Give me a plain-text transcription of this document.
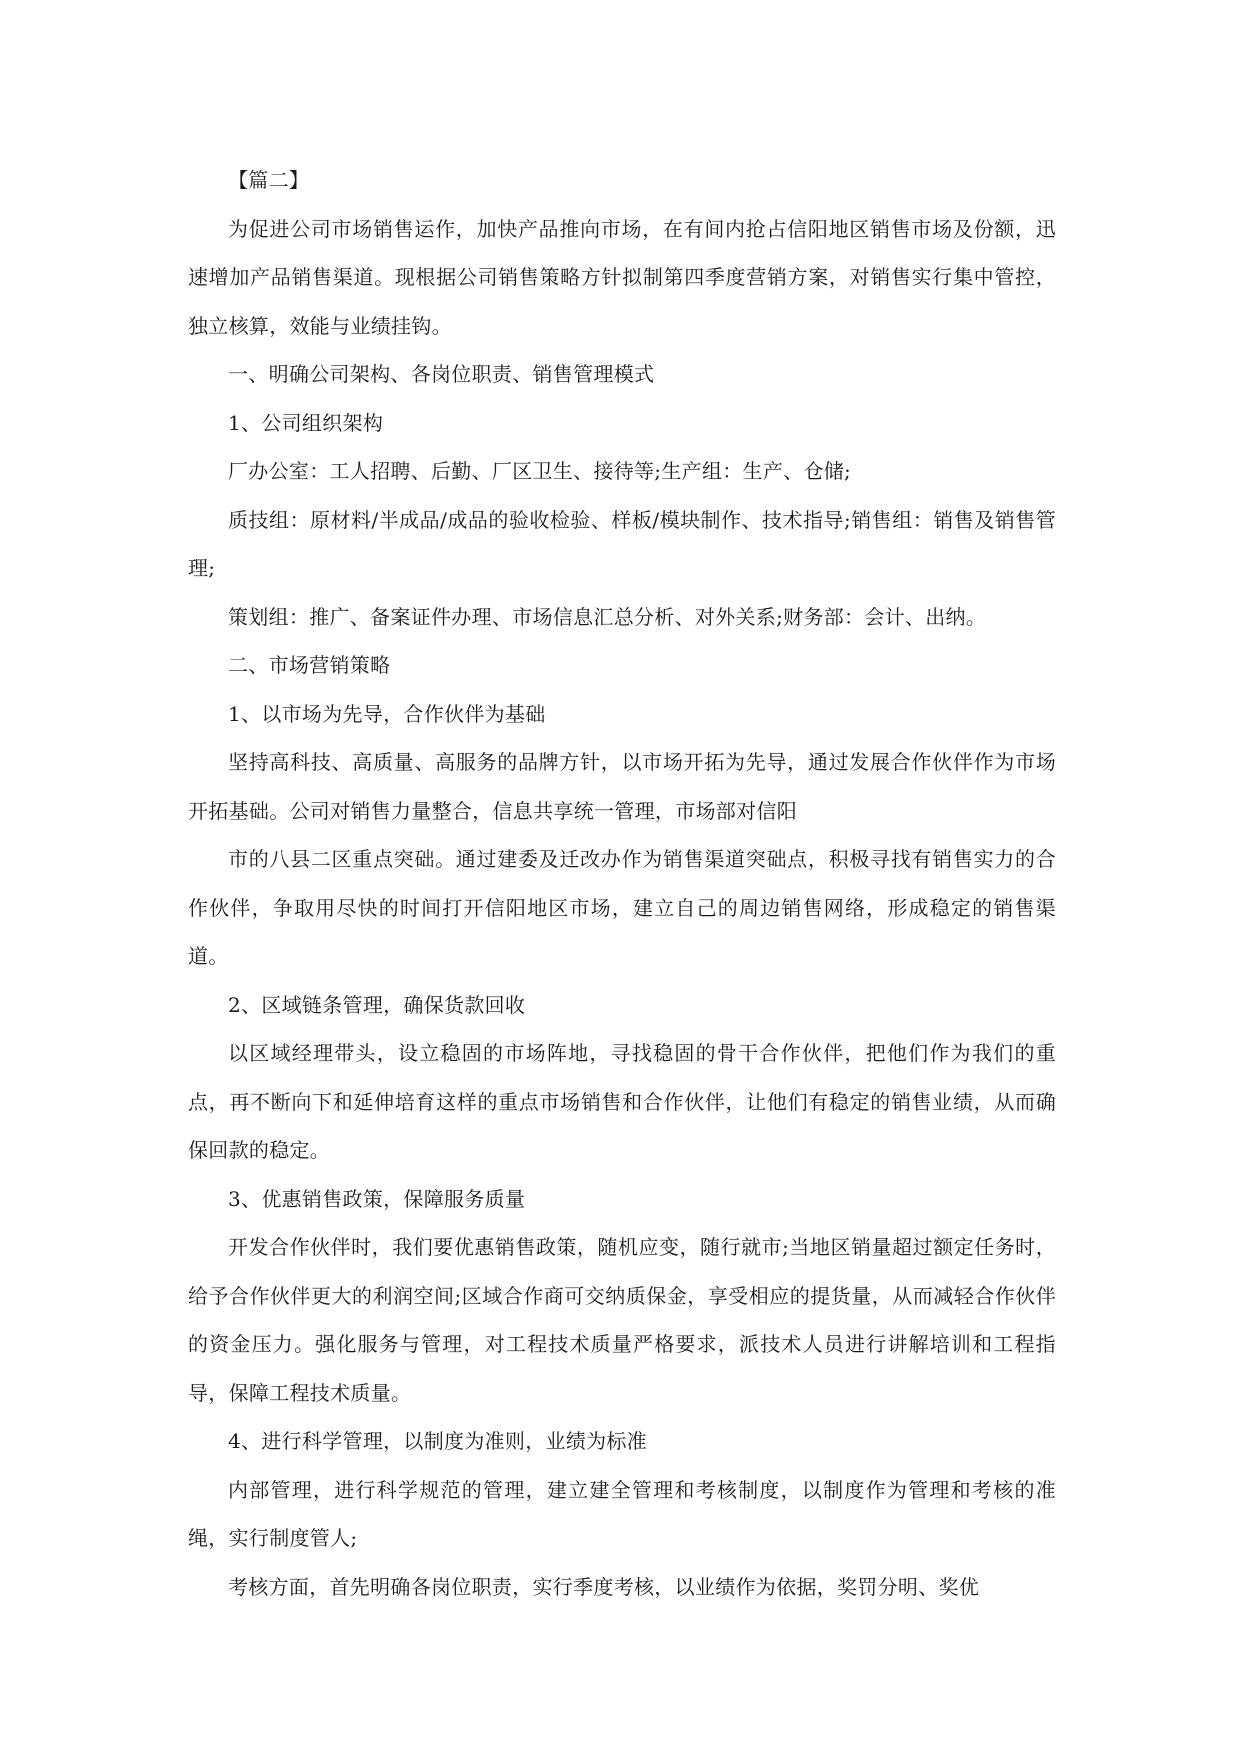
【篇二】

为促进公司市场销售运作，加快产品推向市场，在有间内抢占信阳地区销售市场及份额，迅速增加产品销售渠道。现根据公司销售策略方针拟制第四季度营销方案，对销售实行集中管控，独立核算，效能与业绩挂钩。

一、明确公司架构、各岗位职责、销售管理模式

1、公司组织架构

厂办公室：工人招聘、后勤、厂区卫生、接待等;生产组：生产、仓储;

质技组：原材料/半成品/成品的验收检验、样板/模块制作、技术指导;销售组：销售及销售管理;

策划组：推广、备案证件办理、市场信息汇总分析、对外关系;财务部：会计、出纳。

二、市场营销策略

1、以市场为先导，合作伙伴为基础

坚持高科技、高质量、高服务的品牌方针，以市场开拓为先导，通过发展合作伙伴作为市场开拓基础。公司对销售力量整合，信息共享统一管理，市场部对信阳

市的八县二区重点突础。通过建委及迁改办作为销售渠道突础点，积极寻找有销售实力的合作伙伴，争取用尽快的时间打开信阳地区市场，建立自己的周边销售网络，形成稳定的销售渠道。

2、区域链条管理，确保货款回收

以区域经理带头，设立稳固的市场阵地，寻找稳固的骨干合作伙伴，把他们作为我们的重点，再不断向下和延伸培育这样的重点市场销售和合作伙伴，让他们有稳定的销售业绩，从而确保回款的稳定。

3、优惠销售政策，保障服务质量

开发合作伙伴时，我们要优惠销售政策，随机应变，随行就市;当地区销量超过额定任务时，给予合作伙伴更大的利润空间;区域合作商可交纳质保金，享受相应的提货量，从而减轻合作伙伴的资金压力。强化服务与管理，对工程技术质量严格要求，派技术人员进行讲解培训和工程指导，保障工程技术质量。

4、进行科学管理，以制度为准则，业绩为标准

内部管理，进行科学规范的管理，建立建全管理和考核制度，以制度作为管理和考核的准绳，实行制度管人;

考核方面，首先明确各岗位职责，实行季度考核，以业绩作为依据，奖罚分明、奖优
